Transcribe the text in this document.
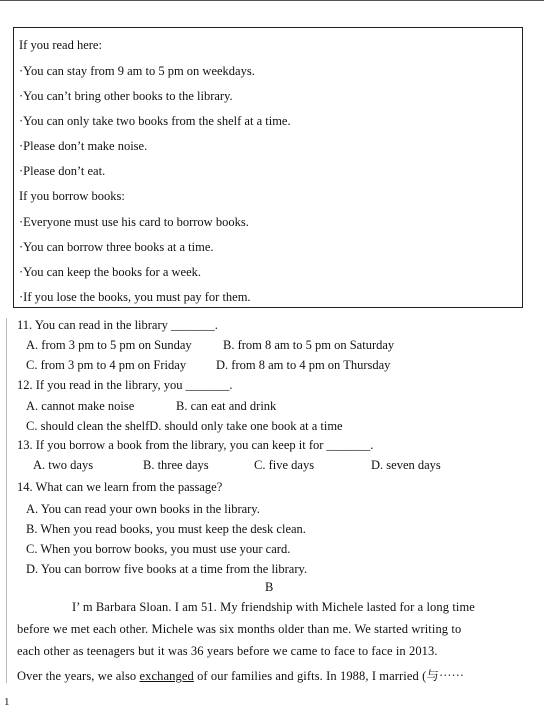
If you read here:
·You can stay from 9 am to 5 pm on weekdays.
·You can’t bring other books to the library.
·You can only take two books from the shelf at a time.
·Please don’t make noise.
·Please don’t eat.
If you borrow books:
·Everyone must use his card to borrow books.
·You can borrow three books at a time.
·You can keep the books for a week.
·If you lose the books, you must pay for them.
11. You can read in the library _______.
A. from 3 pm to 5 pm on Sunday	B. from 8 am to 5 pm on Saturday
C. from 3 pm to 4 pm on Friday D. from 8 am to 4 pm on Thursday
12. If you read in the library, you _______.
A. cannot make noise	B. can eat and drink
C. should clean the shelfD. should only take one book at a time
13. If you borrow a book from the library, you can keep it for _______.
A. two days	B. three days	C. five days	D. seven days
14. What can we learn from the passage?
A. You can read your own books in the library.
B. When you read books, you must keep the desk clean.
C. When you borrow books, you must use your card.
D. You can borrow five books at a time from the library.
B
I’ m Barbara Sloan. I am 51. My friendship with Michele lasted for a long time
before we met each other. Michele was six months older than me. We started writing to
each other as teenagers but it was 36 years before we came to face to face in 2013.
Over the years, we also exchanged of our families and gifts. In 1988, I married (与⋯⋯
1
